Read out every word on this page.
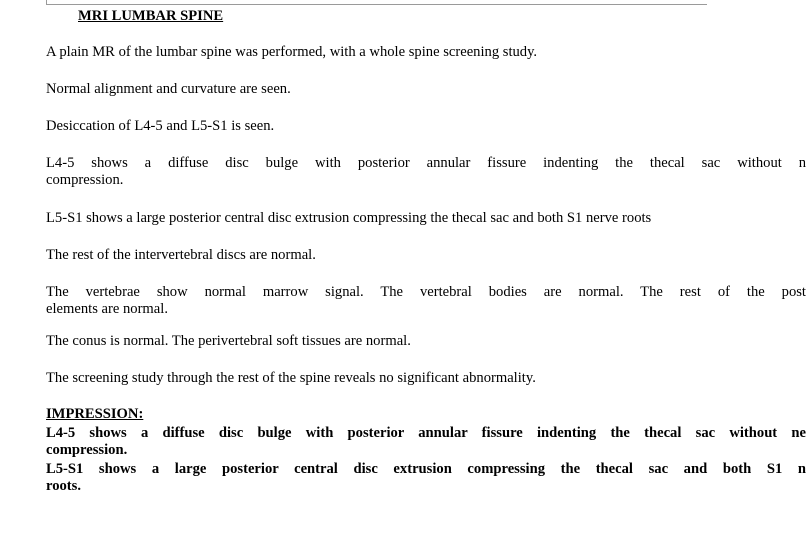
MRI LUMBAR SPINE

A plain MR of the lumbar spine was performed, with a whole spine screening study.

Normal alignment and curvature are seen.

Desiccation of L4-5 and L5-S1 is seen.

L4-5 shows a diffuse disc bulge with posterior annular fissure indenting the thecal sac without n
compression.

L5-S1 shows a large posterior central disc extrusion compressing the thecal sac and both S1 nerve roots

The rest of the intervertebral discs are normal.

The vertebrae show normal marrow signal. The vertebral bodies are normal. The rest of the post
elements are normal.

The conus is normal. The perivertebral soft tissues are normal.

The screening study through the rest of the spine reveals no significant abnormality.

IMPRESSION:

L4-5 shows a diffuse disc bulge with posterior annular fissure indenting the thecal sac without ne
compression.

L5-S1 shows a large posterior central disc extrusion compressing the thecal sac and both S1 n
roots.
